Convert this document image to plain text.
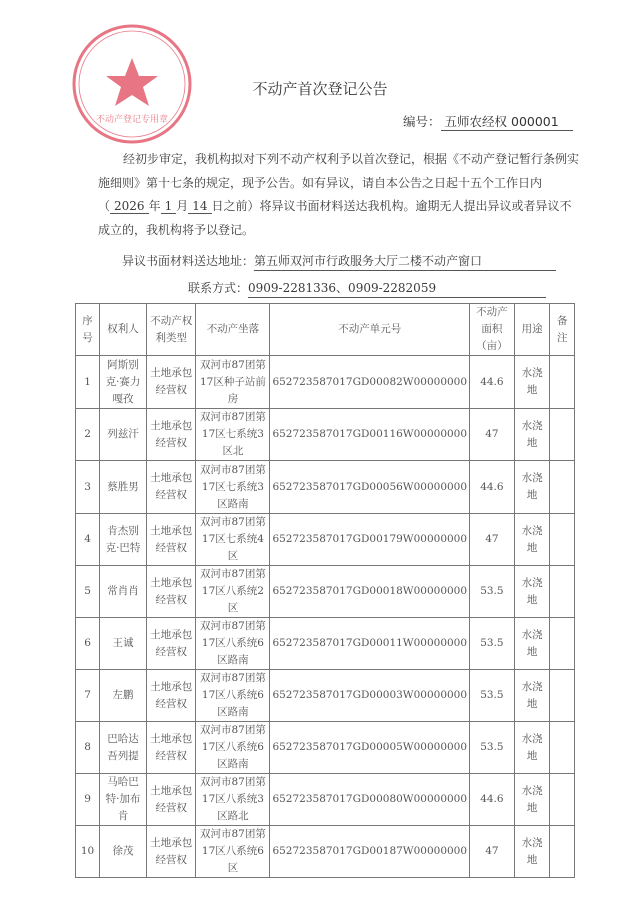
不动产登记专用章
不动产首次登记公告
编号： 五师农经权 000001
经初步审定，我机构拟对下列不动产权利予以首次登记，根据《不动产登记暂行条例实施细则》第十七条的规定，现予公告。如有异议，请自本公告之日起十五个工作日内（ 2026 年 1 月 14 日之前）将异议书面材料送达我机构。逾期无人提出异议或者异议不成立的，我机构将予以登记。
异议书面材料送达地址：第五师双河市行政服务大厅二楼不动产窗口
联系方式：0909-2281336、0909-2282059
序号	权利人	不动产权利类型	不动产坐落	不动产单元号	不动产面积（亩）	用途	备注
1	阿斯别克·赛力嘎孜	土地承包经营权	双河市87团第17区种子站前房	652723587017GD00082W00000000	44.6	水浇地	
2	列兹汗	土地承包经营权	双河市87团第17区七系统3区北	652723587017GD00116W00000000	47	水浇地	
3	蔡胜男	土地承包经营权	双河市87团第17区七系统3区路南	652723587017GD00056W00000000	44.6	水浇地	
4	肯杰别克·巴特	土地承包经营权	双河市87团第17区七系统4区	652723587017GD00179W00000000	47	水浇地	
5	常肖肖	土地承包经营权	双河市87团第17区八系统2区	652723587017GD00018W00000000	53.5	水浇地	
6	王诚	土地承包经营权	双河市87团第17区八系统6区路南	652723587017GD00011W00000000	53.5	水浇地	
7	左鹏	土地承包经营权	双河市87团第17区八系统6区路南	652723587017GD00003W00000000	53.5	水浇地	
8	巴哈达吾列提	土地承包经营权	双河市87团第17区八系统6区路南	652723587017GD00005W00000000	53.5	水浇地	
9	马哈巴特·加布肯	土地承包经营权	双河市87团第17区八系统3区路北	652723587017GD00080W00000000	44.6	水浇地	
10	徐茂	土地承包经营权	双河市87团第17区八系统6区	652723587017GD00187W00000000	47	水浇地	
